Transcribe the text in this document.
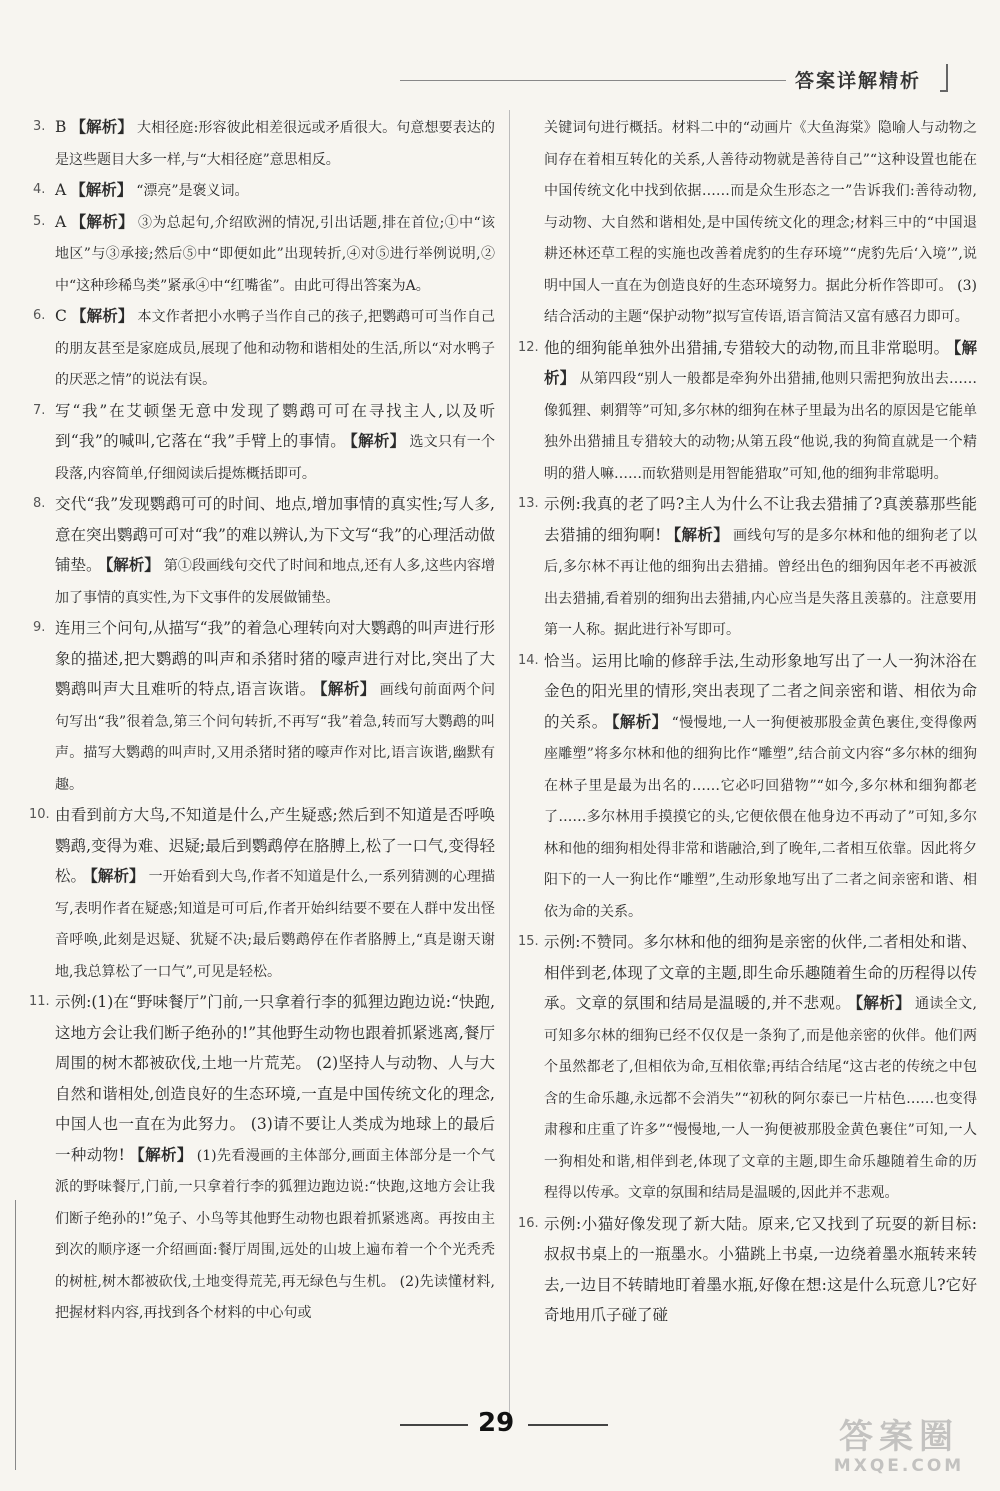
答案详解精析

3. B 【解析】 大相径庭:形容彼此相差很远或矛盾很大。句意想要表达的是这些题目大多一样,与“大相径庭”意思相反。

4. A 【解析】 “漂亮”是褒义词。

5. A 【解析】 ③为总起句,介绍欧洲的情况,引出话题,排在首位;①中“该地区”与③承接;然后⑤中“即便如此”出现转折,④对⑤进行举例说明,②中“这种珍稀鸟类”紧承④中“红嘴雀”。由此可得出答案为A。

6. C 【解析】 本文作者把小水鸭子当作自己的孩子,把鹦鹉可可当作自己的朋友甚至是家庭成员,展现了他和动物和谐相处的生活,所以“对水鸭子的厌恶之情”的说法有误。

7. 写“我”在艾顿堡无意中发现了鹦鹉可可在寻找主人,以及听到“我”的喊叫,它落在“我”手臂上的事情。 【解析】 选文只有一个段落,内容简单,仔细阅读后提炼概括即可。

8. 交代“我”发现鹦鹉可可的时间、地点,增加事情的真实性;写人多,意在突出鹦鹉可可对“我”的难以辨认,为下文写“我”的心理活动做铺垫。 【解析】 第①段画线句交代了时间和地点,还有人多,这些内容增加了事情的真实性,为下文事件的发展做铺垫。

9. 连用三个问句,从描写“我”的着急心理转向对大鹦鹉的叫声进行形象的描述,把大鹦鹉的叫声和杀猪时猪的嚎声进行对比,突出了大鹦鹉叫声大且难听的特点,语言诙谐。 【解析】 画线句前面两个问句写出“我”很着急,第三个问句转折,不再写“我”着急,转而写大鹦鹉的叫声。描写大鹦鹉的叫声时,又用杀猪时猪的嚎声作对比,语言诙谐,幽默有趣。

10. 由看到前方大鸟,不知道是什么,产生疑惑;然后到不知道是否呼唤鹦鹉,变得为难、迟疑;最后到鹦鹉停在胳膊上,松了一口气,变得轻松。 【解析】 一开始看到大鸟,作者不知道是什么,一系列猜测的心理描写,表明作者在疑惑;知道是可可后,作者开始纠结要不要在人群中发出怪音呼唤,此刻是迟疑、犹疑不决;最后鹦鹉停在作者胳膊上,“真是谢天谢地,我总算松了一口气”,可见是轻松。

11. 示例:(1)在“野味餐厅”门前,一只拿着行李的狐狸边跑边说:“快跑,这地方会让我们断子绝孙的!”其他野生动物也跟着抓紧逃离,餐厅周围的树木都被砍伐,土地一片荒芜。 (2)坚持人与动物、人与大自然和谐相处,创造良好的生态环境,一直是中国传统文化的理念,中国人也一直在为此努力。 (3)请不要让人类成为地球上的最后一种动物! 【解析】 (1)先看漫画的主体部分,画面主体部分是一个气派的野味餐厅,门前,一只拿着行李的狐狸边跑边说:“快跑,这地方会让我们断子绝孙的!”兔子、小鸟等其他野生动物也跟着抓紧逃离。再按由主到次的顺序逐一介绍画面:餐厅周围,远处的山坡上遍布着一个个光秃秃的树桩,树木都被砍伐,土地变得荒芜,再无绿色与生机。 (2)先读懂材料,把握材料内容,再找到各个材料的中心句或

关键词句进行概括。材料二中的“动画片《大鱼海棠》隐喻人与动物之间存在着相互转化的关系,人善待动物就是善待自己”“这种设置也能在中国传统文化中找到依据……而是众生形态之一”告诉我们:善待动物,与动物、大自然和谐相处,是中国传统文化的理念;材料三中的“中国退耕还林还草工程的实施也改善着虎豹的生存环境”“虎豹先后‘入境’”,说明中国人一直在为创造良好的生态环境努力。据此分析作答即可。 (3)结合活动的主题“保护动物”拟写宣传语,语言简洁又富有感召力即可。

12. 他的细狗能单独外出猎捕,专猎较大的动物,而且非常聪明。 【解析】 从第四段“别人一般都是牵狗外出猎捕,他则只需把狗放出去……像狐狸、刺猬等”可知,多尔林的细狗在林子里最为出名的原因是它能单独外出猎捕且专猎较大的动物;从第五段“他说,我的狗简直就是一个精明的猎人嘛……而软猎则是用智能猎取”可知,他的细狗非常聪明。

13. 示例:我真的老了吗?主人为什么不让我去猎捕了?真羡慕那些能去猎捕的细狗啊! 【解析】 画线句写的是多尔林和他的细狗老了以后,多尔林不再让他的细狗出去猎捕。曾经出色的细狗因年老不再被派出去猎捕,看着别的细狗出去猎捕,内心应当是失落且羡慕的。注意要用第一人称。据此进行补写即可。

14. 恰当。运用比喻的修辞手法,生动形象地写出了一人一狗沐浴在金色的阳光里的情形,突出表现了二者之间亲密和谐、相依为命的关系。 【解析】 “慢慢地,一人一狗便被那股金黄色裹住,变得像两座雕塑”将多尔林和他的细狗比作“雕塑”,结合前文内容“多尔林的细狗在林子里是最为出名的……它必叼回猎物”“如今,多尔林和细狗都老了……多尔林用手摸摸它的头,它便依偎在他身边不再动了”可知,多尔林和他的细狗相处得非常和谐融洽,到了晚年,二者相互依靠。因此将夕阳下的一人一狗比作“雕塑”,生动形象地写出了二者之间亲密和谐、相依为命的关系。

15. 示例:不赞同。多尔林和他的细狗是亲密的伙伴,二者相处和谐、相伴到老,体现了文章的主题,即生命乐趣随着生命的历程得以传承。文章的氛围和结局是温暖的,并不悲观。 【解析】 通读全文,可知多尔林的细狗已经不仅仅是一条狗了,而是他亲密的伙伴。他们两个虽然都老了,但相依为命,互相依靠;再结合结尾“这古老的传统之中包含的生命乐趣,永远都不会消失”“初秋的阿尔泰已一片枯色……也变得肃穆和庄重了许多”“慢慢地,一人一狗便被那股金黄色裹住”可知,一人一狗相处和谐,相伴到老,体现了文章的主题,即生命乐趣随着生命的历程得以传承。文章的氛围和结局是温暖的,因此并不悲观。

16. 示例:小猫好像发现了新大陆。原来,它又找到了玩耍的新目标:叔叔书桌上的一瓶墨水。小猫跳上书桌,一边绕着墨水瓶转来转去,一边目不转睛地盯着墨水瓶,好像在想:这是什么玩意儿?它好奇地用爪子碰了碰

29	答案圈
MXQE.COM
